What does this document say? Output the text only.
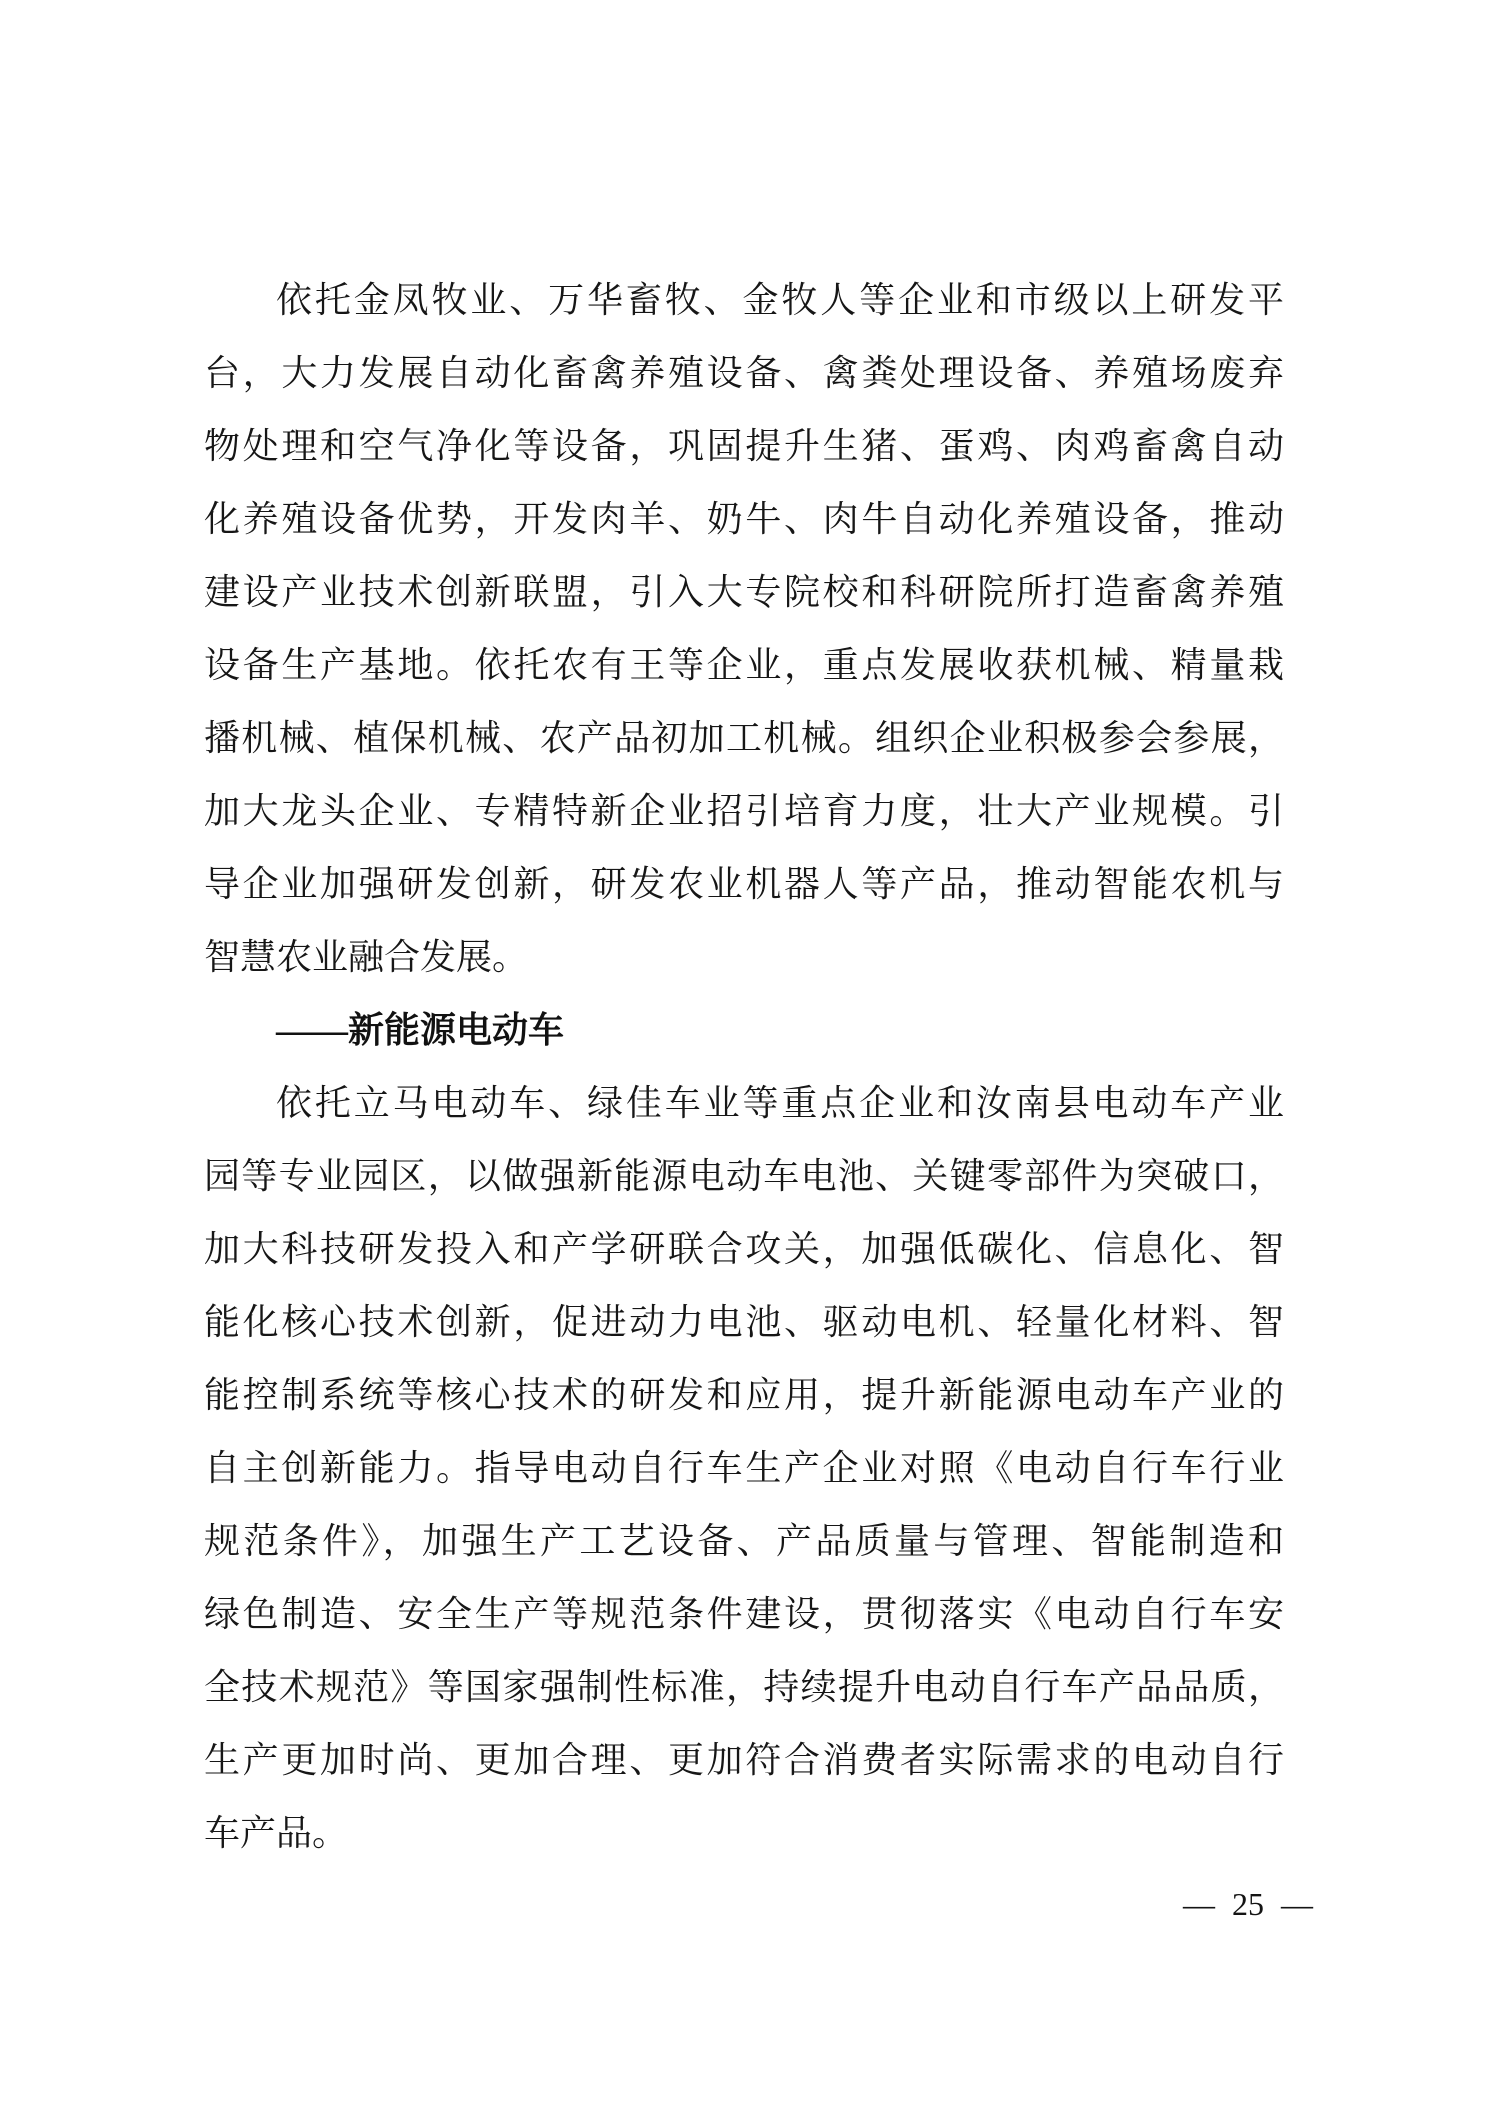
依托金凤牧业、万华畜牧、金牧人等企业和市级以上研发平

台，大力发展自动化畜禽养殖设备、禽粪处理设备、养殖场废弃

物处理和空气净化等设备，巩固提升生猪、蛋鸡、肉鸡畜禽自动

化养殖设备优势，开发肉羊、奶牛、肉牛自动化养殖设备，推动

建设产业技术创新联盟，引入大专院校和科研院所打造畜禽养殖

设备生产基地。依托农有王等企业，重点发展收获机械、精量栽

播机械、植保机械、农产品初加工机械。组织企业积极参会参展，

加大龙头企业、专精特新企业招引培育力度，壮大产业规模。引

导企业加强研发创新，研发农业机器人等产品，推动智能农机与

智慧农业融合发展。

——新能源电动车

依托立马电动车、绿佳车业等重点企业和汝南县电动车产业

园等专业园区，以做强新能源电动车电池、关键零部件为突破口，

加大科技研发投入和产学研联合攻关，加强低碳化、信息化、智

能化核心技术创新，促进动力电池、驱动电机、轻量化材料、智

能控制系统等核心技术的研发和应用，提升新能源电动车产业的

自主创新能力。指导电动自行车生产企业对照《电动自行车行业

规范条件》，加强生产工艺设备、产品质量与管理、智能制造和

绿色制造、安全生产等规范条件建设，贯彻落实《电动自行车安

全技术规范》等国家强制性标准，持续提升电动自行车产品品质，

生产更加时尚、更加合理、更加符合消费者实际需求的电动自行

车产品。

— 25 —
